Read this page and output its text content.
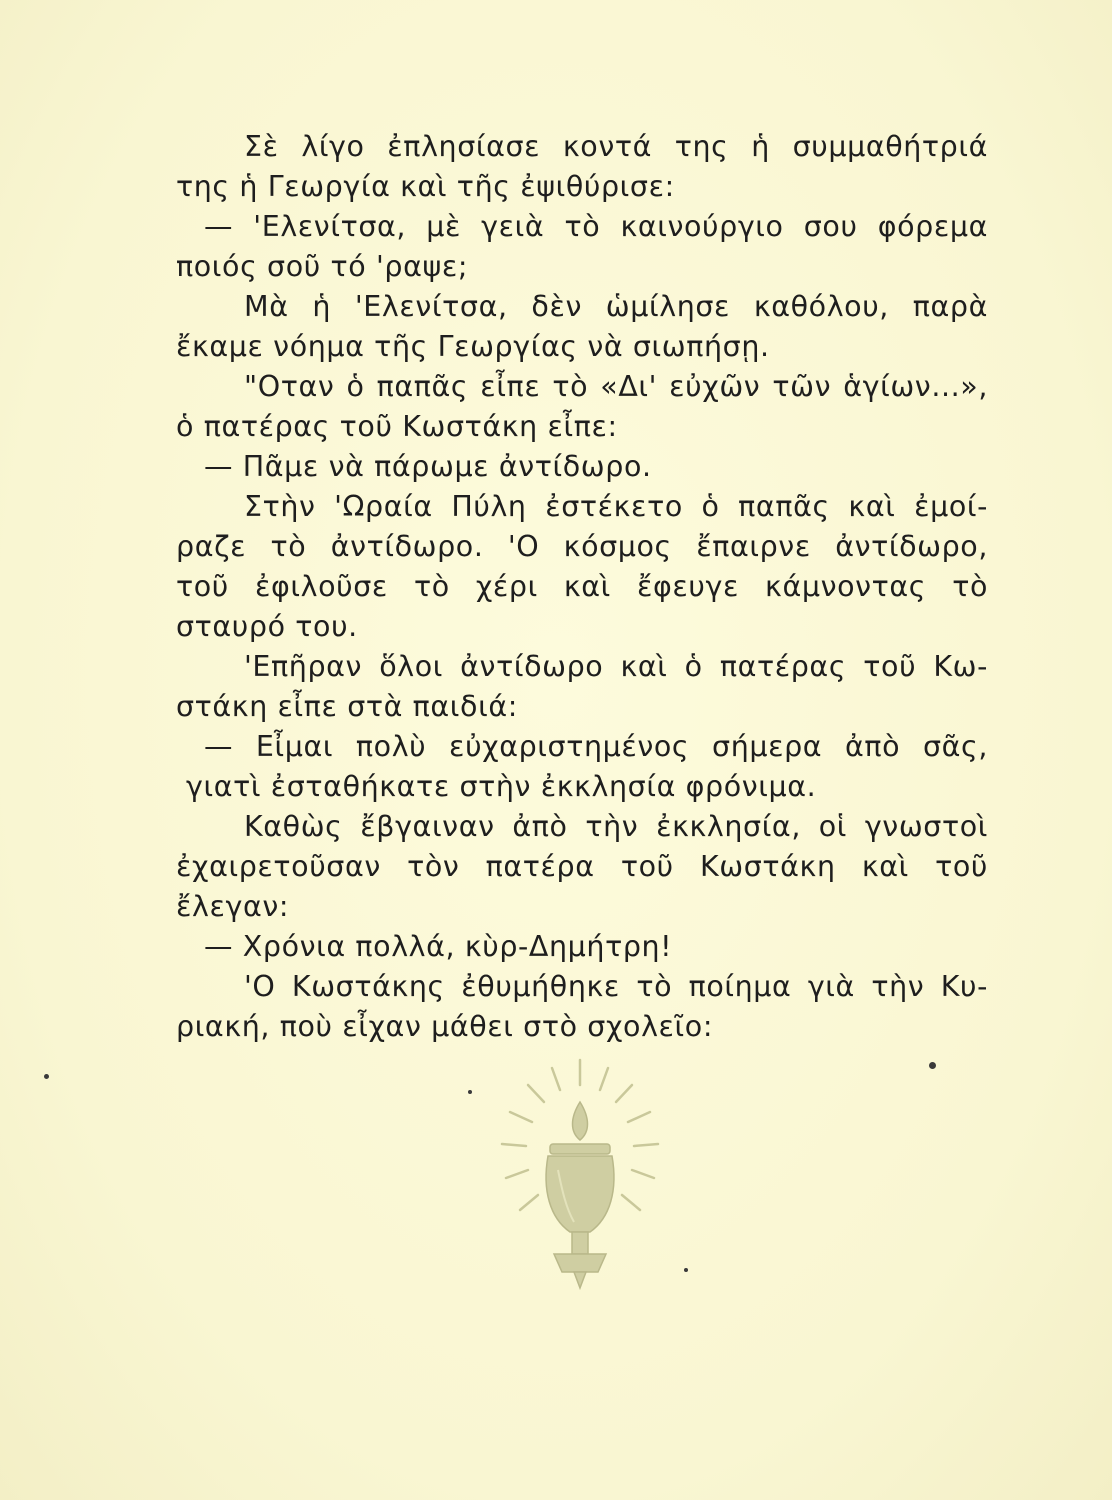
Σὲ λίγο ἐπλησίασε κοντά της ἡ συμμαθήτριά
της ἡ Γεωργία καὶ τῆς ἐψιθύρισε:
— 'Ελενίτσα, μὲ γειὰ τὸ καινούργιο σου φόρεμα
ποιός σοῦ τό 'ραψε;
Μὰ ἡ 'Ελενίτσα, δὲν ὡμίλησε καθόλου, παρὰ
ἔκαμε νόημα τῆς Γεωργίας νὰ σιωπήσῃ.
"Οταν ὁ παπᾶς εἶπε τὸ «Δι' εὐχῶν τῶν ἁγίων...»,
ὁ πατέρας τοῦ Κωστάκη εἶπε:
— Πᾶμε νὰ πάρωμε ἀντίδωρο.
Στὴν 'Ωραία Πύλη ἐστέκετο ὁ παπᾶς καὶ ἐμοί-
ραζε τὸ ἀντίδωρο. 'Ο κόσμος ἔπαιρνε ἀντίδωρο,
τοῦ ἐφιλοῦσε τὸ χέρι καὶ ἔφευγε κάμνοντας τὸ
σταυρό του.
'Επῆραν ὅλοι ἀντίδωρο καὶ ὁ πατέρας τοῦ Κω-
στάκη εἶπε στὰ παιδιά:
— Εἶμαι πολὺ εὐχαριστημένος σήμερα ἀπὸ σᾶς,
γιατὶ ἐσταθήκατε στὴν ἐκκλησία φρόνιμα.
Καθὼς ἔβγαιναν ἀπὸ τὴν ἐκκλησία, οἱ γνωστοὶ
ἐχαιρετοῦσαν τὸν πατέρα τοῦ Κωστάκη καὶ τοῦ
ἔλεγαν:
— Χρόνια πολλά, κὺρ-Δημήτρη!
'Ο Κωστάκης ἐθυμήθηκε τὸ ποίημα γιὰ τὴν Κυ-
ριακή, ποὺ εἶχαν μάθει στὸ σχολεῖο:
